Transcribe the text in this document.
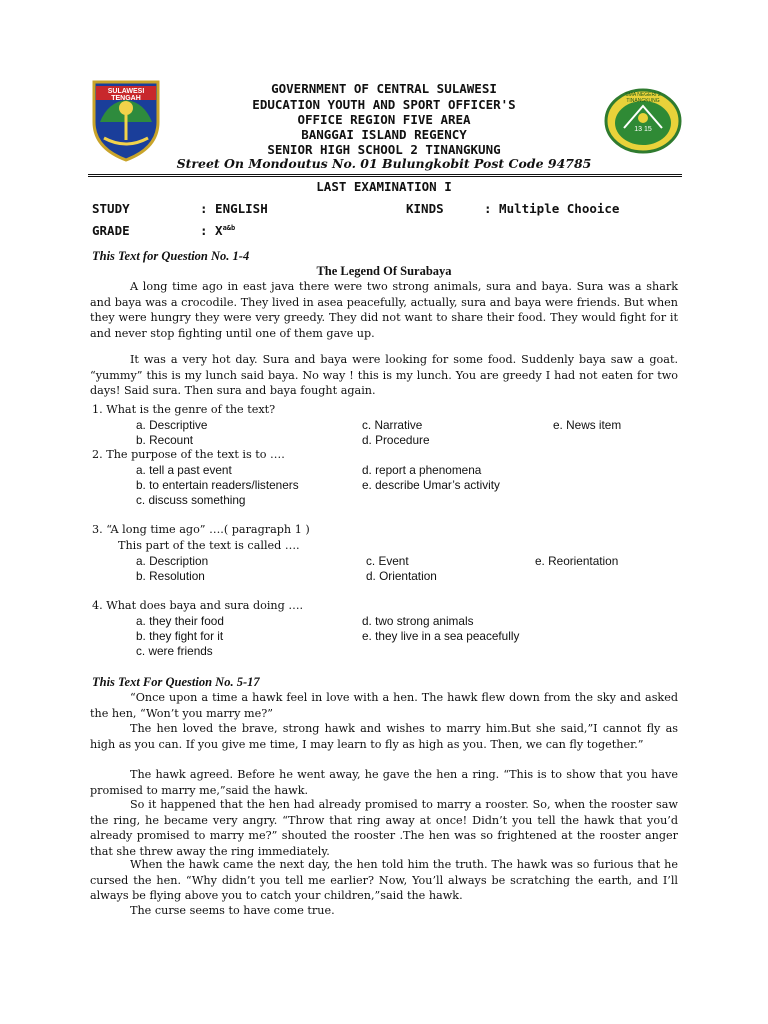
SULAWESI TENGAH	SMA NEGERI 2 TINANGKUNG
13 15
GOVERNMENT OF CENTRAL SULAWESI
EDUCATION YOUTH AND SPORT OFFICER'S
OFFICE REGION FIVE AREA
BANGGAI ISLAND REGENCY
SENIOR HIGH SCHOOL 2 TINANGKUNG
Street On Mondoutus No. 01 Bulungkobit Post Code 94785
LAST EXAMINATION I
STUDY	: ENGLISH	KINDS	: Multiple Chooice
GRADE	: $X^{a\&b}$
This Text for Question No. 1-4
The Legend Of Surabaya

A long time ago in east java there were two strong animals, sura and baya. Sura was a shark and baya was a crocodile. They lived in asea peacefully, actually, sura and baya were friends. But when they were hungry they were very greedy. They did not want to share their food. They would fight for it and never stop fighting until one of them gave up.

It was a very hot day. Sura and baya were looking for some food. Suddenly baya saw a goat. “yummy” this is my lunch said baya. No way ! this is my lunch. You are greedy I had not eaten for two days! Said sura. Then sura and baya fought again.

1. What is the genre of the text?
a. Descriptive	c. Narrative	e. News item
b. Recount	d. Procedure
2. The purpose of the text is to ….
a. tell a past event	d. report a phenomena
b. to entertain readers/listeners	e. describe Umar’s activity
c. discuss something
3. “A long time ago” ….( paragraph 1 )
This part of the text is called ….
a. Description	c. Event	e. Reorientation
b. Resolution	d. Orientation
4. What does baya and sura doing ….
a. they their food	d. two strong animals
b. they fight for it	e. they live in a sea peacefully
c. were friends
This Text For Question No. 5-17

“Once upon a time a hawk feel in love with a hen. The hawk flew down from the sky and asked the hen, “Won’t you marry me?”

The hen loved the brave, strong hawk and wishes to marry him.But she said,”I cannot fly as high as you can. If you give me time, I may learn to fly as high as you. Then, we can fly together.”

The hawk agreed. Before he went away, he gave the hen a ring. “This is to show that you have promised to marry me,”said the hawk.

So it happened that the hen had already promised to marry a rooster. So, when the rooster saw the ring, he became very angry. “Throw that ring away at once! Didn’t you tell the hawk that you’d already promised to marry me?” shouted the rooster .The hen was so frightened at the rooster anger that she threw away the ring immediately.

When the hawk came the next day, the hen told him the truth. The hawk was so furious that he cursed the hen. “Why didn’t you tell me earlier? Now, You’ll always be scratching the earth, and I’ll always be flying above you to catch your children,”said the hawk.

The curse seems to have come true.
